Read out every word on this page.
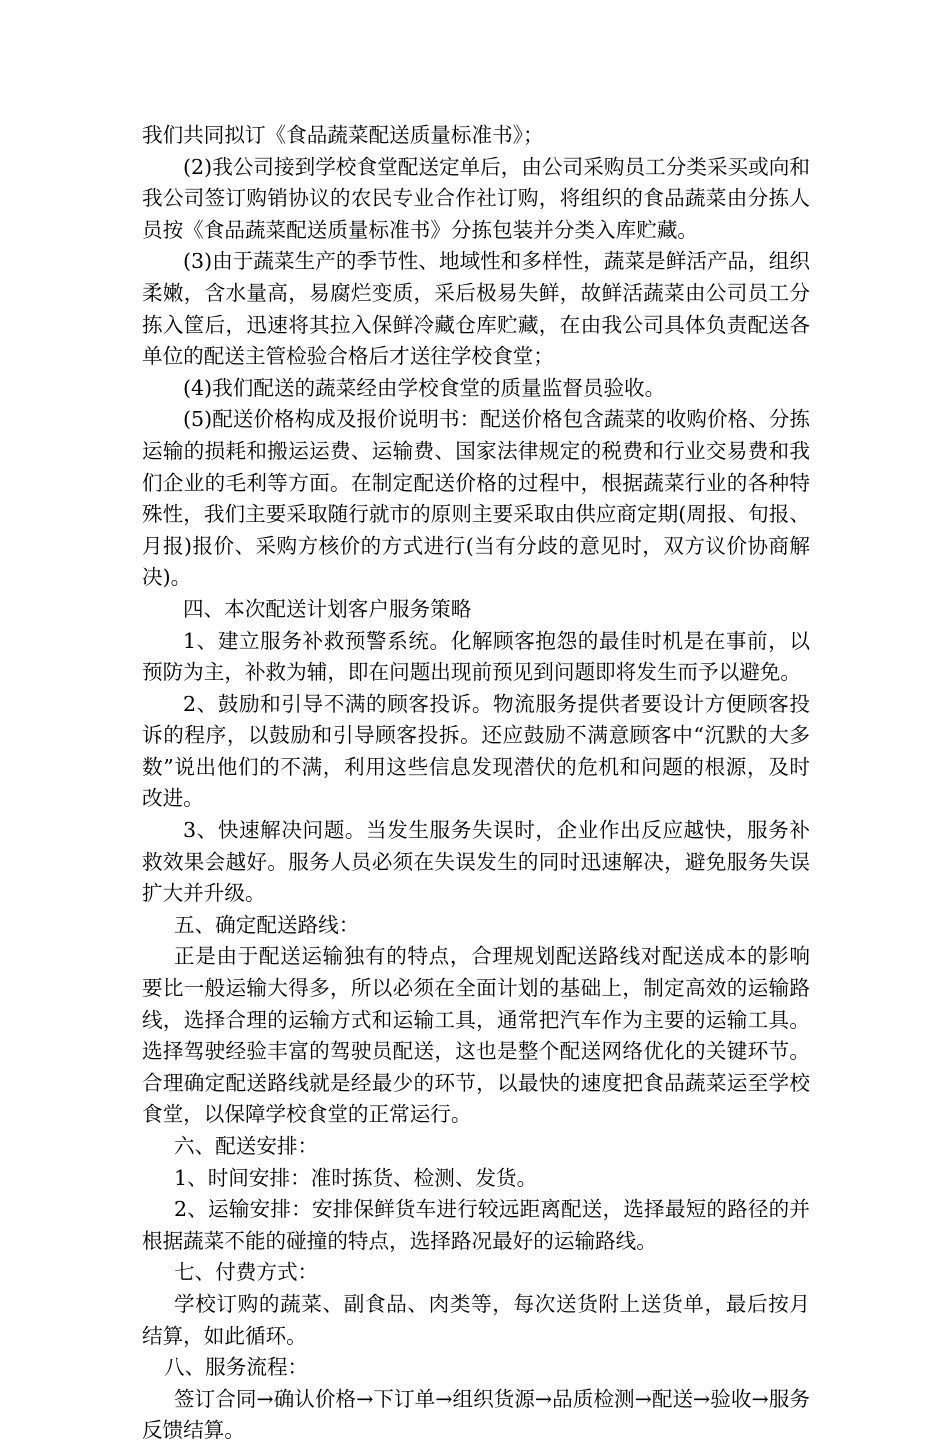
我们共同拟订《食品蔬菜配送质量标准书》；

(2)我公司接到学校食堂配送定单后，由公司采购员工分类采买或向和我公司签订购销协议的农民专业合作社订购，将组织的食品蔬菜由分拣人员按《食品蔬菜配送质量标准书》分拣包装并分类入库贮藏。

(3)由于蔬菜生产的季节性、地域性和多样性，蔬菜是鲜活产品，组织柔嫩，含水量高，易腐烂变质，采后极易失鲜，故鲜活蔬菜由公司员工分拣入筐后，迅速将其拉入保鲜冷藏仓库贮藏，在由我公司具体负责配送各单位的配送主管检验合格后才送往学校食堂；

(4)我们配送的蔬菜经由学校食堂的质量监督员验收。

(5)配送价格构成及报价说明书：配送价格包含蔬菜的收购价格、分拣运输的损耗和搬运运费、运输费、国家法律规定的税费和行业交易费和我们企业的毛利等方面。在制定配送价格的过程中，根据蔬菜行业的各种特殊性，我们主要采取随行就市的原则主要采取由供应商定期(周报、旬报、月报)报价、采购方核价的方式进行(当有分歧的意见时，双方议价协商解决)。

四、本次配送计划客户服务策略

1、建立服务补救预警系统。化解顾客抱怨的最佳时机是在事前，以预防为主，补救为辅，即在问题出现前预见到问题即将发生而予以避免。

2、鼓励和引导不满的顾客投诉。物流服务提供者要设计方便顾客投诉的程序，以鼓励和引导顾客投拆。还应鼓励不满意顾客中“沉默的大多数”说出他们的不满，利用这些信息发现潜伏的危机和问题的根源，及时改进。

3、快速解决问题。当发生服务失误时，企业作出反应越快，服务补救效果会越好。服务人员必须在失误发生的同时迅速解决，避免服务失误扩大并升级。

五、确定配送路线：

正是由于配送运输独有的特点，合理规划配送路线对配送成本的影响要比一般运输大得多，所以必须在全面计划的基础上，制定高效的运输路线，选择合理的运输方式和运输工具，通常把汽车作为主要的运输工具。选择驾驶经验丰富的驾驶员配送，这也是整个配送网络优化的关键环节。合理确定配送路线就是经最少的环节，以最快的速度把食品蔬菜运至学校食堂，以保障学校食堂的正常运行。

六、配送安排：

1、时间安排：准时拣货、检测、发货。

2、运输安排：安排保鲜货车进行较远距离配送，选择最短的路径的并根据蔬菜不能的碰撞的特点，选择路况最好的运输路线。

七、付费方式：

学校订购的蔬菜、副食品、肉类等，每次送货附上送货单，最后按月结算，如此循环。

八、服务流程：

签订合同→确认价格→下订单→组织货源→品质检测→配送→验收→服务反馈结算。
